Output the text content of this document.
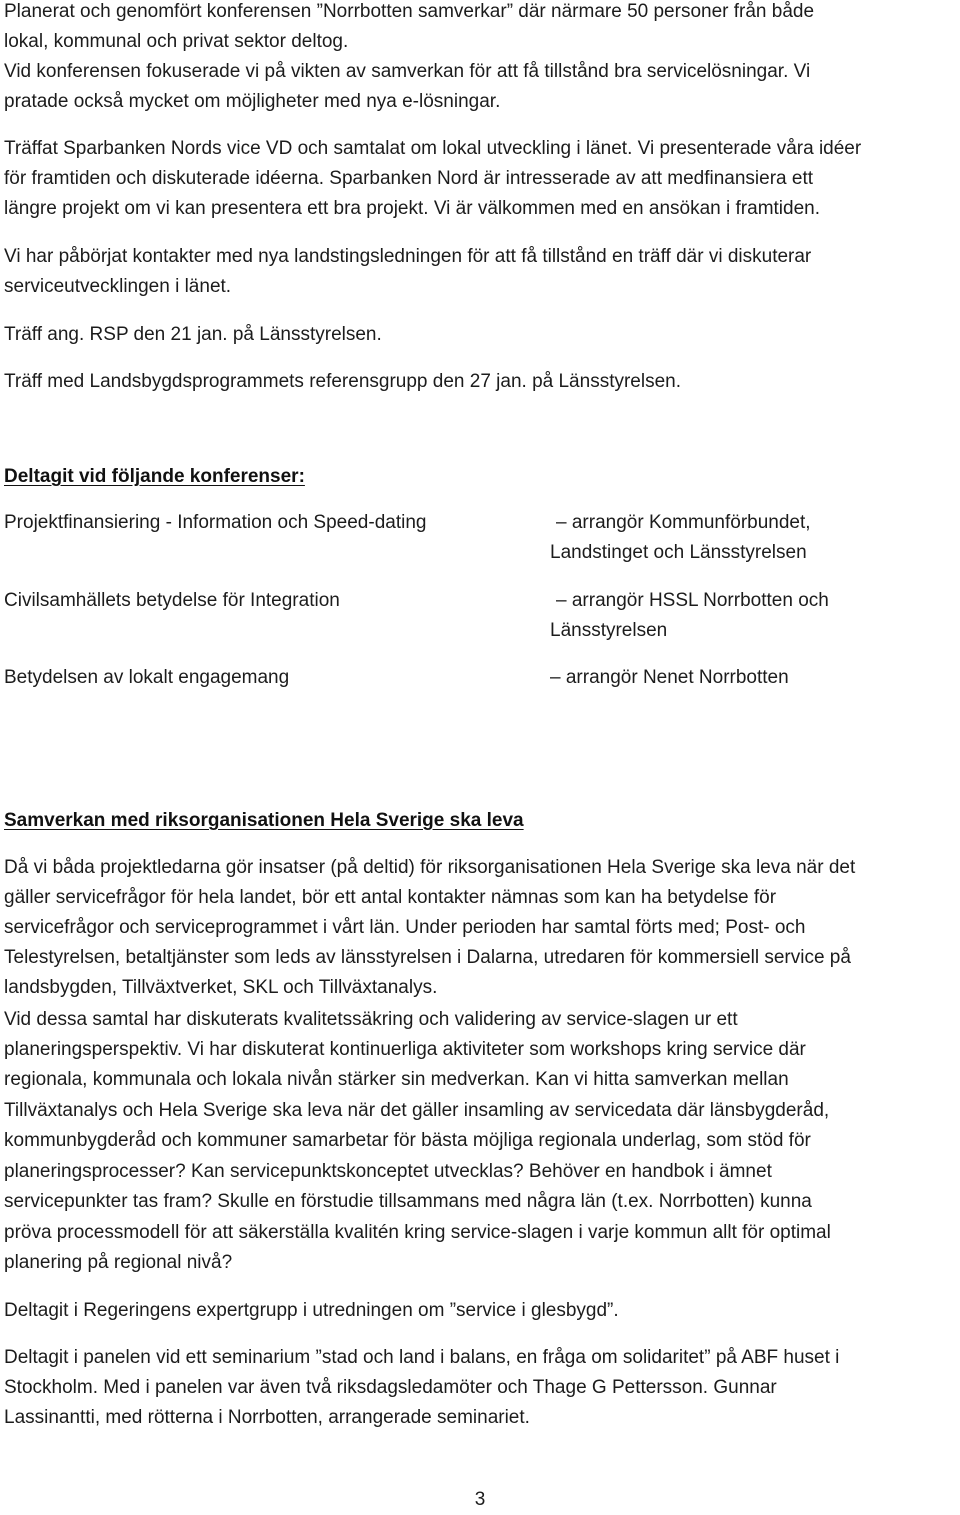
Planerat och genomfört konferensen ”Norrbotten samverkar” där närmare 50 personer från både

lokal, kommunal och privat sektor deltog.

Vid konferensen fokuserade vi på vikten av samverkan för att få tillstånd bra servicelösningar. Vi

pratade också mycket om möjligheter med nya e-lösningar.

Träffat Sparbanken Nords vice VD och samtalat om lokal utveckling i länet. Vi presenterade våra idéer

för framtiden och diskuterade idéerna. Sparbanken Nord är intresserade av att medfinansiera ett

längre projekt om vi kan presentera ett bra projekt. Vi är välkommen med en ansökan i framtiden.

Vi har påbörjat kontakter med nya landstingsledningen för att få tillstånd en träff där vi diskuterar

serviceutvecklingen i länet.

Träff ang. RSP den 21 jan. på Länsstyrelsen.

Träff med Landsbygdsprogrammets referensgrupp den 27 jan. på Länsstyrelsen.

Deltagit vid följande konferenser:

Projektfinansiering - Information och Speed-dating	– arrangör Kommunförbundet,

Landstinget och Länsstyrelsen

Civilsamhällets betydelse för Integration	– arrangör HSSL Norrbotten och

Länsstyrelsen

Betydelsen av lokalt engagemang	– arrangör Nenet Norrbotten

Samverkan med riksorganisationen Hela Sverige ska leva

Då vi båda projektledarna gör insatser (på deltid) för riksorganisationen Hela Sverige ska leva när det

gäller servicefrågor för hela landet, bör ett antal kontakter nämnas som kan ha betydelse för

servicefrågor och serviceprogrammet i vårt län. Under perioden har samtal förts med; Post- och

Telestyrelsen, betaltjänster som leds av länsstyrelsen i Dalarna, utredaren för kommersiell service på

landsbygden, Tillväxtverket, SKL och Tillväxtanalys.

Vid dessa samtal har diskuterats kvalitetssäkring och validering av service-slagen ur ett

planeringsperspektiv. Vi har diskuterat kontinuerliga aktiviteter som workshops kring service där

regionala, kommunala och lokala nivån stärker sin medverkan. Kan vi hitta samverkan mellan

Tillväxtanalys och Hela Sverige ska leva när det gäller insamling av servicedata där länsbygderåd,

kommunbygderåd och kommuner samarbetar för bästa möjliga regionala underlag, som stöd för

planeringsprocesser? Kan servicepunktskonceptet utvecklas? Behöver en handbok i ämnet

servicepunkter tas fram? Skulle en förstudie tillsammans med några län (t.ex. Norrbotten) kunna

pröva processmodell för att säkerställa kvalitén kring service-slagen i varje kommun allt för optimal

planering på regional nivå?

Deltagit i Regeringens expertgrupp i utredningen om ”service i glesbygd”.

Deltagit i panelen vid ett seminarium ”stad och land i balans, en fråga om solidaritet” på ABF huset i

Stockholm. Med i panelen var även två riksdagsledamöter och Thage G Pettersson. Gunnar

Lassinantti, med rötterna i Norrbotten, arrangerade seminariet.

3
